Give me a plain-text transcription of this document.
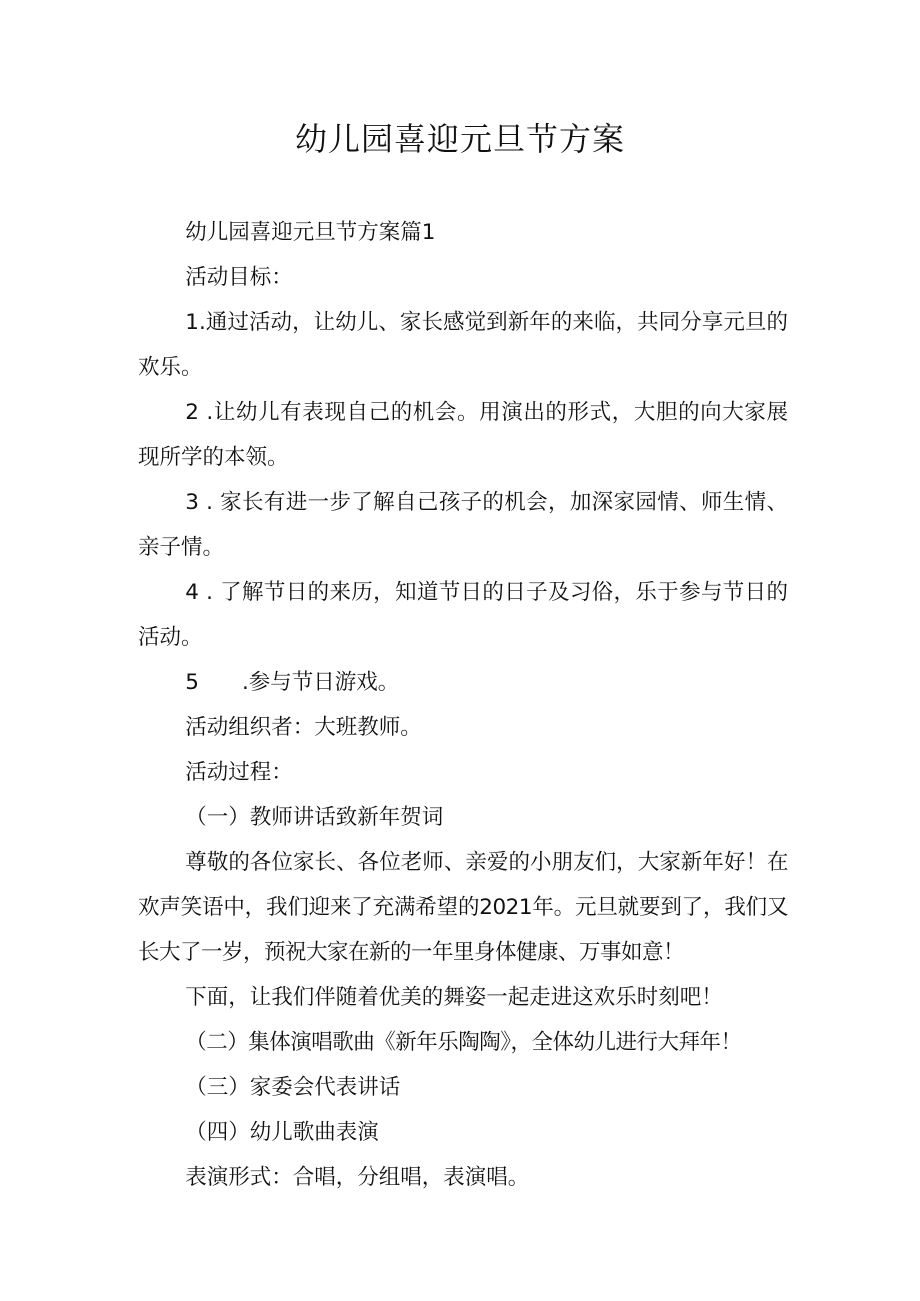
幼儿园喜迎元旦节方案

幼儿园喜迎元旦节方案篇1

活动目标：

1.通过活动，让幼儿、家长感觉到新年的来临，共同分享元旦的欢乐。

2 .让幼儿有表现自己的机会。用演出的形式，大胆的向大家展现所学的本领。

3 . 家长有进一步了解自己孩子的机会，加深家园情、师生情、亲子情。

4 . 了解节日的来历，知道节日的日子及习俗，乐于参与节日的活动。

5　　.参与节日游戏。

活动组织者：大班教师。

活动过程：

（一）教师讲话致新年贺词

尊敬的各位家长、各位老师、亲爱的小朋友们，大家新年好！在欢声笑语中，我们迎来了充满希望的2021年。元旦就要到了，我们又长大了一岁，预祝大家在新的一年里身体健康、万事如意！

下面，让我们伴随着优美的舞姿一起走进这欢乐时刻吧！

（二）集体演唱歌曲《新年乐陶陶》，全体幼儿进行大拜年！

（三）家委会代表讲话

（四）幼儿歌曲表演

表演形式：合唱，分组唱，表演唱。
